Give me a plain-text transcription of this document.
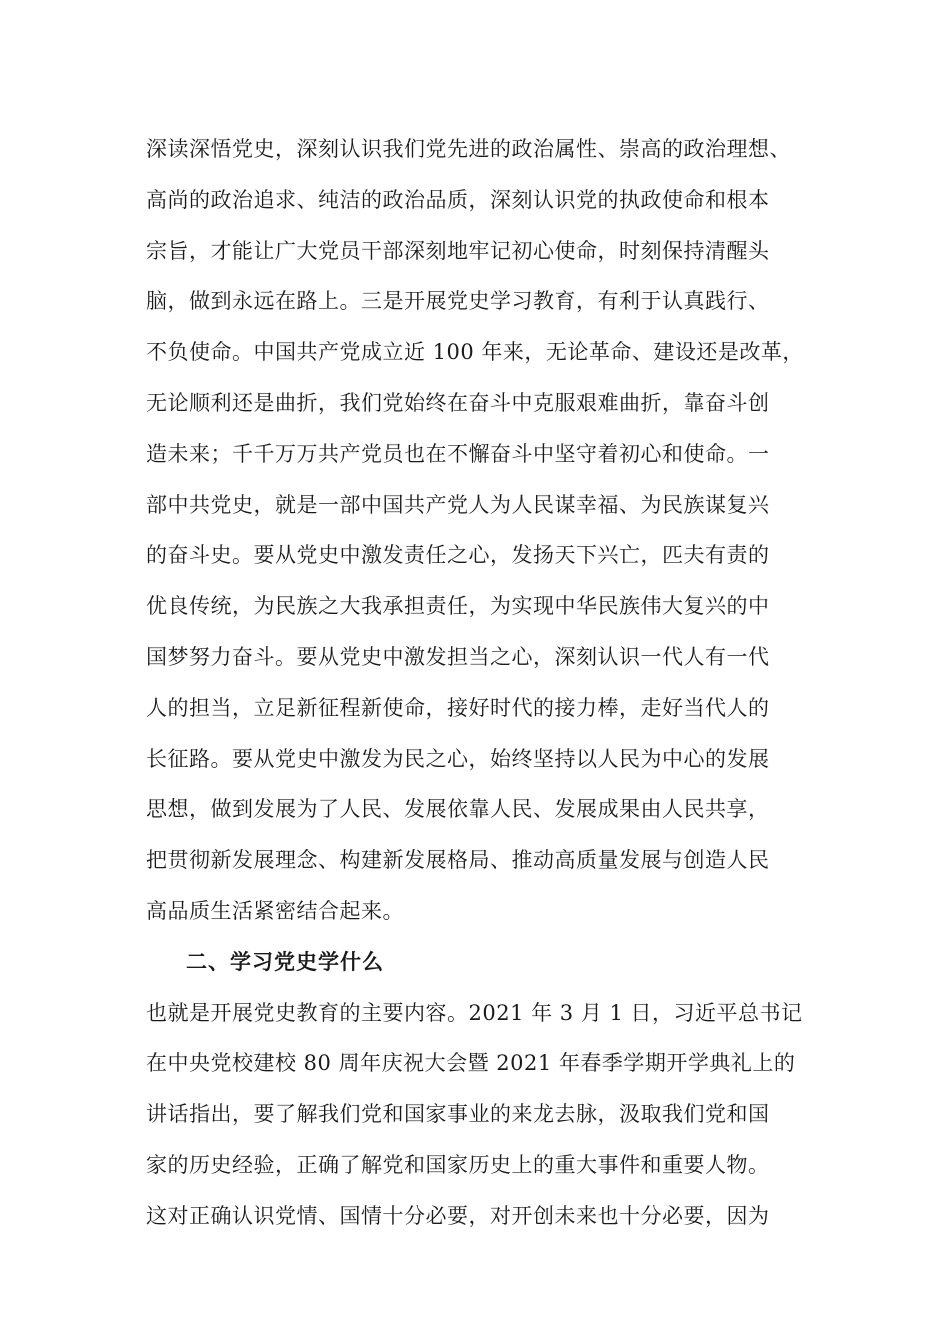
深读深悟党史，深刻认识我们党先进的政治属性、崇高的政治理想、
高尚的政治追求、纯洁的政治品质，深刻认识党的执政使命和根本
宗旨，才能让广大党员干部深刻地牢记初心使命，时刻保持清醒头
脑，做到永远在路上。三是开展党史学习教育，有利于认真践行、
不负使命。中国共产党成立近 100 年来，无论革命、建设还是改革，
无论顺利还是曲折，我们党始终在奋斗中克服艰难曲折，靠奋斗创
造未来；千千万万共产党员也在不懈奋斗中坚守着初心和使命。一
部中共党史，就是一部中国共产党人为人民谋幸福、为民族谋复兴
的奋斗史。要从党史中激发责任之心，发扬天下兴亡，匹夫有责的
优良传统，为民族之大我承担责任，为实现中华民族伟大复兴的中
国梦努力奋斗。要从党史中激发担当之心，深刻认识一代人有一代
人的担当，立足新征程新使命，接好时代的接力棒，走好当代人的
长征路。要从党史中激发为民之心，始终坚持以人民为中心的发展
思想，做到发展为了人民、发展依靠人民、发展成果由人民共享，
把贯彻新发展理念、构建新发展格局、推动高质量发展与创造人民
高品质生活紧密结合起来。
二、学习党史学什么
也就是开展党史教育的主要内容。2021 年 3 月 1 日，习近平总书记
在中央党校建校 80 周年庆祝大会暨 2021 年春季学期开学典礼上的
讲话指出，要了解我们党和国家事业的来龙去脉，汲取我们党和国
家的历史经验，正确了解党和国家历史上的重大事件和重要人物。
这对正确认识党情、国情十分必要，对开创未来也十分必要，因为
